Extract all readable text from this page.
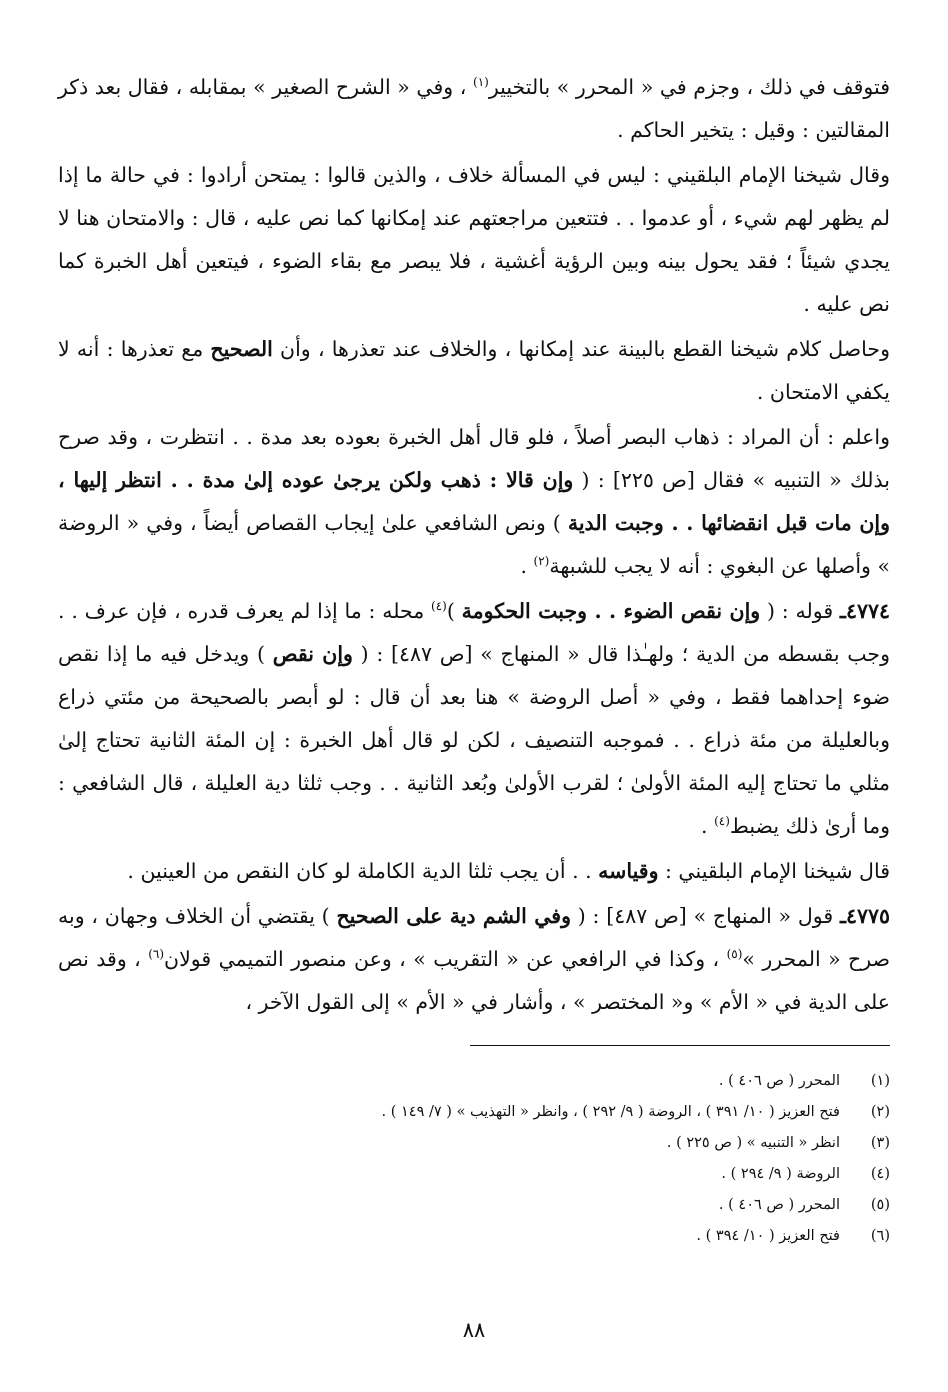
فتوقف في ذلك ، وجزم في « المحرر » بالتخيير$^{(١)}$ ، وفي « الشرح الصغير » بمقابله ، فقال بعد ذكر المقالتين : وقيل : يتخير الحاكم .

وقال شيخنا الإمام البلقيني : ليس في المسألة خلاف ، والذين قالوا : يمتحن أرادوا : في حالة ما إذا لم يظهر لهم شيء ، أو عدموا . . فتتعين مراجعتهم عند إمكانها كما نص عليه ، قال : والامتحان هنا لا يجدي شيئاً ؛ فقد يحول بينه وبين الرؤية أغشية ، فلا يبصر مع بقاء الضوء ، فيتعين أهل الخبرة كما نص عليه .

وحاصل كلام شيخنا القطع بالبينة عند إمكانها ، والخلاف عند تعذرها ، وأن الصحيح مع تعذرها : أنه لا يكفي الامتحان .

واعلم : أن المراد : ذهاب البصر أصلاً ، فلو قال أهل الخبرة بعوده بعد مدة . . انتظرت ، وقد صرح بذلك « التنبيه » فقال [ص ٢٢٥] : ( وإن قالا : ذهب ولكن يرجىٰ عوده إلىٰ مدة . . انتظر إليها ، وإن مات قبل انقضائها . . وجبت الدية ) ونص الشافعي علىٰ إيجاب القصاص أيضاً ، وفي « الروضة » وأصلها عن البغوي : أنه لا يجب للشبهة$^{(٢)}$ .

٤٧٧٤ـ قوله : ( وإن نقص الضوء . . وجبت الحكومة )$^{(٤)}$ محله : ما إذا لم يعرف قدره ، فإن عرف . . وجب بقسطه من الدية ؛ ولهـٰذا قال « المنهاج » [ص ٤٨٧] : ( وإن نقص ) ويدخل فيه ما إذا نقص ضوء إحداهما فقط ، وفي « أصل الروضة » هنا بعد أن قال : لو أبصر بالصحيحة من مئتي ذراع وبالعليلة من مئة ذراع . . فموجبه التنصيف ، لكن لو قال أهل الخبرة : إن المئة الثانية تحتاج إلىٰ مثلي ما تحتاج إليه المئة الأولىٰ ؛ لقرب الأولىٰ وبُعد الثانية . . وجب ثلثا دية العليلة ، قال الشافعي : وما أرىٰ ذلك يضبط$^{(٤)}$ .

قال شيخنا الإمام البلقيني : وقياسه . . أن يجب ثلثا الدية الكاملة لو كان النقص من العينين .

٤٧٧٥ـ قول « المنهاج » [ص ٤٨٧] : ( وفي الشم دية على الصحيح ) يقتضي أن الخلاف وجهان ، وبه صرح « المحرر »$^{(٥)}$ ، وكذا في الرافعي عن « التقريب » ، وعن منصور التميمي قولان$^{(٦)}$ ، وقد نص على الدية في « الأم » و« المختصر » ، وأشار في « الأم » إلى القول الآخر ،

(١)
المحرر ( ص ٤٠٦ ) .
(٢)
فتح العزيز ( ١٠/ ٣٩١ ) ، الروضة ( ٩/ ٢٩٢ ) ، وانظر « التهذيب » ( ٧/ ١٤٩ ) .
(٣)
انظر « التنبيه » ( ص ٢٢٥ ) .
(٤)
الروضة ( ٩/ ٢٩٤ ) .
(٥)
المحرر ( ص ٤٠٦ ) .
(٦)
فتح العزيز ( ١٠/ ٣٩٤ ) .
٨٨
